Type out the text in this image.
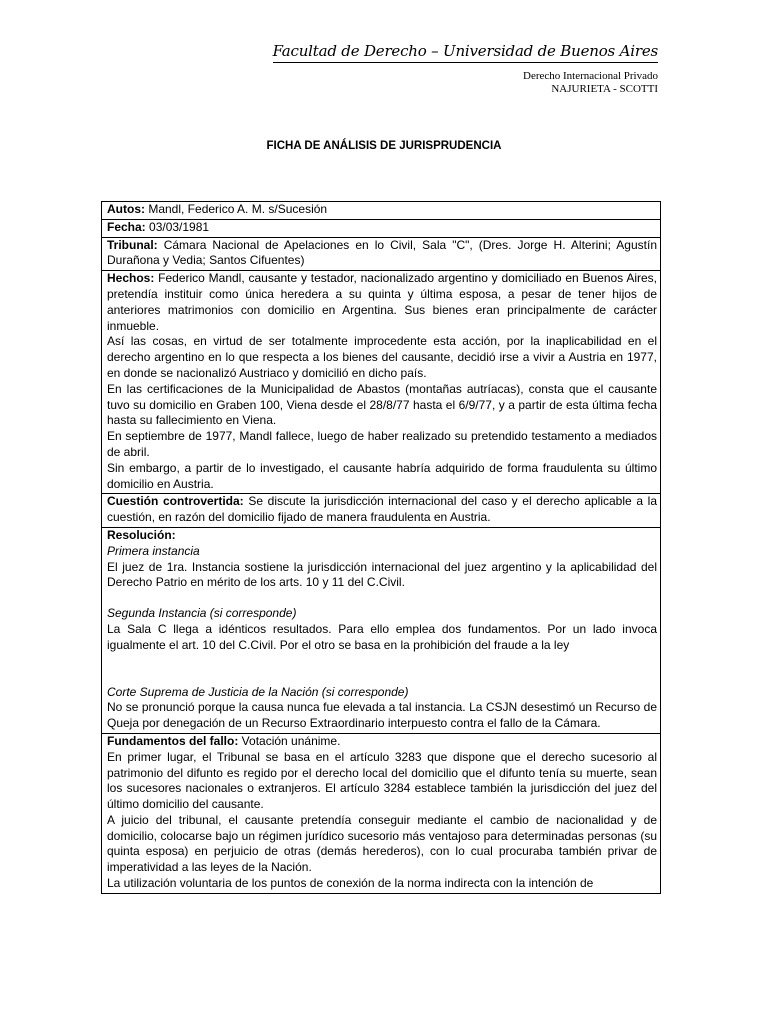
Facultad de Derecho – Universidad de Buenos Aires
Derecho Internacional Privado
NAJURIETA - SCOTTI
FICHA DE ANÁLISIS DE JURISPRUDENCIA
Autos: Mandl, Federico A. M. s/Sucesión
Fecha: 03/03/1981
Tribunal: Cámara Nacional de Apelaciones en lo Civil, Sala "C", (Dres. Jorge H. Alterini; Agustín Durañona y Vedia; Santos Cifuentes)

Hechos: Federico Mandl, causante y testador, nacionalizado argentino y domiciliado en Buenos Aires, pretendía instituir como única heredera a su quinta y última esposa, a pesar de tener hijos de anteriores matrimonios con domicilio en Argentina. Sus bienes eran principalmente de carácter inmueble.

Así las cosas, en virtud de ser totalmente improcedente esta acción, por la inaplicabilidad en el derecho argentino en lo que respecta a los bienes del causante, decidió irse a vivir a Austria en 1977, en donde se nacionalizó Austriaco y domicilió en dicho país.

En las certificaciones de la Municipalidad de Abastos (montañas autríacas), consta que el causante tuvo su domicilio en Graben 100, Viena desde el 28/8/77 hasta el 6/9/77, y a partir de esta última fecha hasta su fallecimiento en Viena.

En septiembre de 1977, Mandl fallece, luego de haber realizado su pretendido testamento a mediados de abril.

Sin embargo, a partir de lo investigado, el causante habría adquirido de forma fraudulenta su último domicilio en Austria.

Cuestión controvertida: Se discute la jurisdicción internacional del caso y el derecho aplicable a la cuestión, en razón del domicilio fijado de manera fraudulenta en Austria.

Resolución:

Primera instancia

El juez de 1ra. Instancia sostiene la jurisdicción internacional del juez argentino y la aplicabilidad del Derecho Patrio en mérito de los arts. 10 y 11 del C.Civil.

Segunda Instancia (si corresponde)

La Sala C llega a idénticos resultados. Para ello emplea dos fundamentos. Por un lado invoca igualmente el art. 10 del C.Civil. Por el otro se basa en la prohibición del fraude a la ley

Corte Suprema de Justicia de la Nación (si corresponde)

No se pronunció porque la causa nunca fue elevada a tal instancia. La CSJN desestimó un Recurso de Queja por denegación de un Recurso Extraordinario interpuesto contra el fallo de la Cámara.

Fundamentos del fallo: Votación unánime.

En primer lugar, el Tribunal se basa en el artículo 3283 que dispone que el derecho sucesorio al patrimonio del difunto es regido por el derecho local del domicilio que el difunto tenía su muerte, sean los sucesores nacionales o extranjeros. El artículo 3284 establece también la jurisdicción del juez del último domicilio del causante.

A juicio del tribunal, el causante pretendía conseguir mediante el cambio de nacionalidad y de domicilio, colocarse bajo un régimen jurídico sucesorio más ventajoso para determinadas personas (su quinta esposa) en perjuicio de otras (demás herederos), con lo cual procuraba también privar de imperatividad a las leyes de la Nación.

La utilización voluntaria de los puntos de conexión de la norma indirecta con la intención de
